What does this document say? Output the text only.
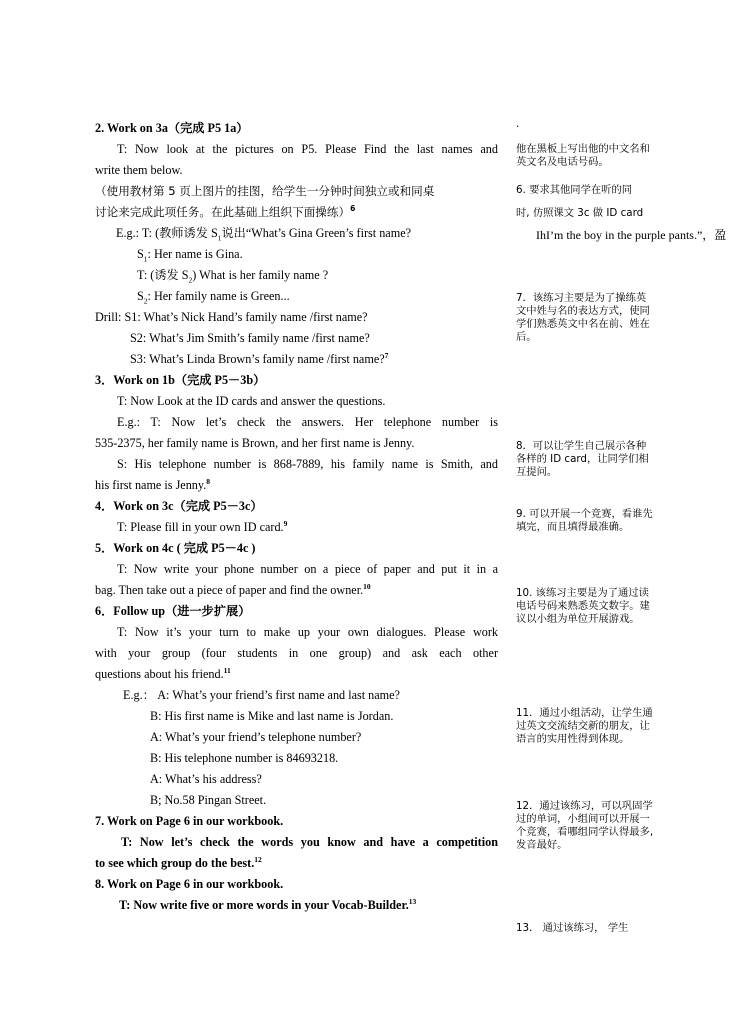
2. Work on 3a（完成 P5 1a）
T: Now look at the pictures on P5. Please Find the last names and
write them below.
（使用教材第 5 页上图片的挂图，给学生一分钟时间独立或和同桌
讨论来完成此项任务。在此基础上组织下面操练）$^6$
E.g.: T: (教师诱发 $S_1$说出“What’s Gina Green’s first name?
$S_1$: Her name is Gina.
T: (诱发 $S_2$) What is her family name ?
$S_2$: Her family name is Green...
Drill: S1: What’s Nick Hand’s family name /first name?
S2: What’s Jim Smith’s family name /first name?
S3: What’s Linda Brown’s family name /first name?$^7$
3．Work on 1b（完成 P5－3b）
T: Now Look at the ID cards and answer the questions.
E.g.: T: Now let’s check the answers. Her telephone number is
535-2375, her family name is Brown, and her first name is Jenny.
S: His telephone number is 868-7889, his family name is Smith, and
his first name is Jenny.$^8$
4．Work on 3c（完成 P5－3c）
T: Please fill in your own ID card.$^9$
5．Work on 4c ( 完成 P5－4c )
T: Now write your phone number on a piece of paper and put it in a
bag. Then take out a piece of paper and find the owner.$^{10}$
6．Follow up（进一步扩展）
T: Now it’s your turn to make up your own dialogues. Please work
with your group (four students in one group) and ask each other
questions about his friend.$^{11}$
E.g.： A: What’s your friend’s first name and last name?
B: His first name is Mike and last name is Jordan.
A: What’s your friend’s telephone number?
B: His telephone number is 84693218.
A: What’s his address?
B; No.58 Pingan Street.
7. Work on Page 6 in our workbook.
T: Now let’s check the words you know and have a competition
to see which group do the best.$^{12}$
8. Work on Page 6 in our workbook.
T: Now write five or more words in your Vocab-Builder.$^{13}$
.
他在黑板上写出他的中文名和英文名及电话号码。
6. 要求其他同学在听的同
时, 仿照课文 3c 做 ID card
IhI’m the boy in the purple pants.”，盈
7．该练习主要是为了操练英文中姓与名的表达方式，使同学们熟悉英文中名在前、姓在后。
8．可以让学生自己展示各种各样的 ID card，让同学们相互提问。
9. 可以开展一个竞赛，看谁先填完，而且填得最准确。
10. 该练习主要是为了通过读电话号码来熟悉英文数字。建议以小组为单位开展游戏。
11．通过小组活动，让学生通过英文交流结交新的朋友，让语言的实用性得到体现。
12．通过该练习，可以巩固学过的单词，小组间可以开展一个竞赛，看哪组同学认得最多, 发音最好。
13． 通过该练习， 学生
